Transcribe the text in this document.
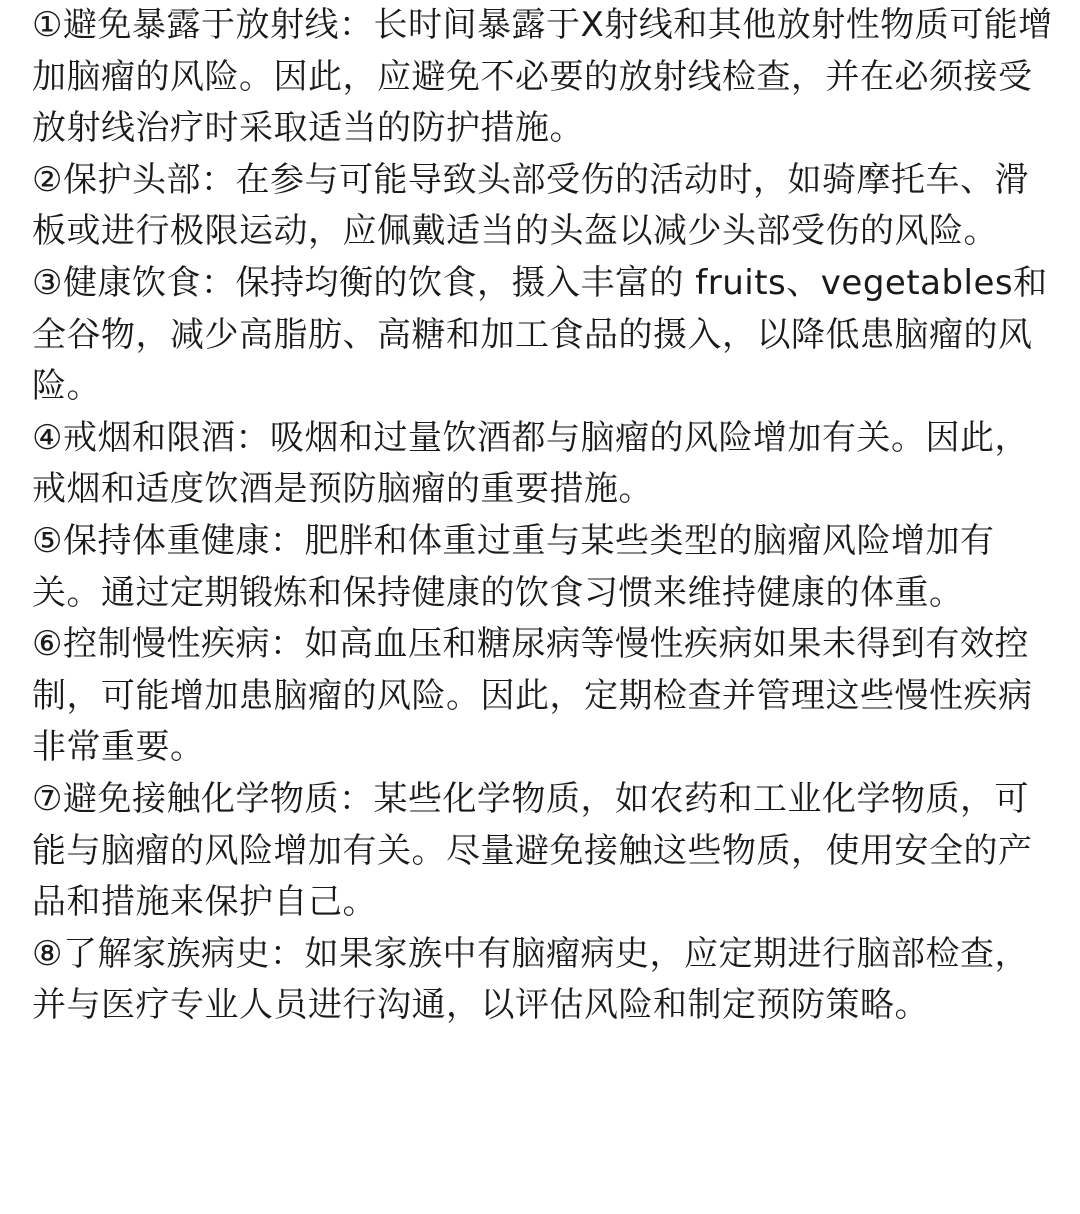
①避免暴露于放射线：长时间暴露于X射线和其他放射性物质可能增加脑瘤的风险。因此，应避免不必要的放射线检查，并在必须接受放射线治疗时采取适当的防护措施。

②保护头部：在参与可能导致头部受伤的活动时，如骑摩托车、滑板或进行极限运动，应佩戴适当的头盔以减少头部受伤的风险。

③健康饮食：保持均衡的饮食，摄入丰富的 fruits、vegetables和全谷物，减少高脂肪、高糖和加工食品的摄入，以降低患脑瘤的风险。

④戒烟和限酒：吸烟和过量饮酒都与脑瘤的风险增加有关。因此，戒烟和适度饮酒是预防脑瘤的重要措施。

⑤保持体重健康：肥胖和体重过重与某些类型的脑瘤风险增加有关。通过定期锻炼和保持健康的饮食习惯来维持健康的体重。

⑥控制慢性疾病：如高血压和糖尿病等慢性疾病如果未得到有效控制，可能增加患脑瘤的风险。因此，定期检查并管理这些慢性疾病非常重要。

⑦避免接触化学物质：某些化学物质，如农药和工业化学物质，可能与脑瘤的风险增加有关。尽量避免接触这些物质，使用安全的产品和措施来保护自己。

⑧了解家族病史：如果家族中有脑瘤病史，应定期进行脑部检查，并与医疗专业人员进行沟通，以评估风险和制定预防策略。
